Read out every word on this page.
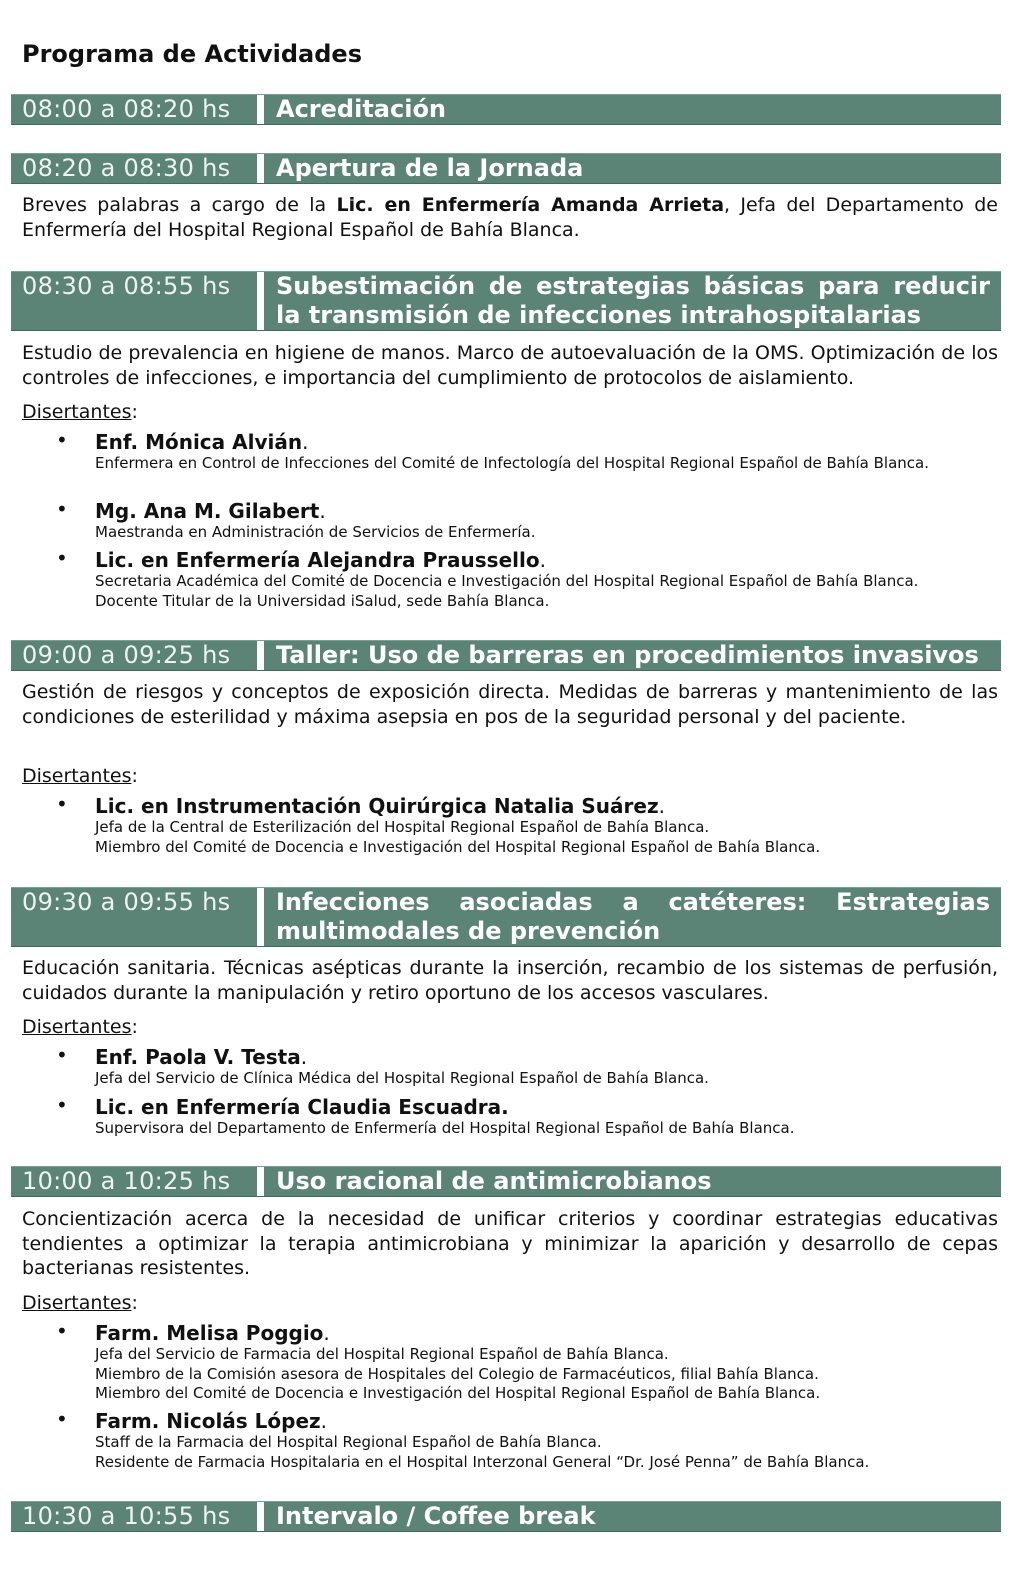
Programa de Actividades
08:00 a 08:20 hs	Acreditación
08:20 a 08:30 hs	Apertura de la Jornada

Breves palabras a cargo de la Lic. en Enfermería Amanda Arrieta, Jefa del Departamento de Enfermería del Hospital Regional Español de Bahía Blanca.

08:30 a 08:55 hs	Subestimación de estrategias básicas para reducir la transmisión de infecciones intrahospitalarias

Estudio de prevalencia en higiene de manos. Marco de autoevaluación de la OMS. Optimización de los controles de infecciones, e importancia del cumplimiento de protocolos de aislamiento.

Disertantes:
• Enf. Mónica Alvián.
Enfermera en Control de Infecciones del Comité de Infectología del Hospital Regional Español de Bahía Blanca.
• Mg. Ana M. Gilabert.
Maestranda en Administración de Servicios de Enfermería.
• Lic. en Enfermería Alejandra Praussello.
Secretaria Académica del Comité de Docencia e Investigación del Hospital Regional Español de Bahía Blanca.
Docente Titular de la Universidad iSalud, sede Bahía Blanca.
09:00 a 09:25 hs	Taller: Uso de barreras en procedimientos invasivos

Gestión de riesgos y conceptos de exposición directa. Medidas de barreras y mantenimiento de las condiciones de esterilidad y máxima asepsia en pos de la seguridad personal y del paciente.

Disertantes:
• Lic. en Instrumentación Quirúrgica Natalia Suárez.
Jefa de la Central de Esterilización del Hospital Regional Español de Bahía Blanca.
Miembro del Comité de Docencia e Investigación del Hospital Regional Español de Bahía Blanca.
09:30 a 09:55 hs	Infecciones asociadas a catéteres: Estrategias multimodales de prevención

Educación sanitaria. Técnicas asépticas durante la inserción, recambio de los sistemas de perfusión, cuidados durante la manipulación y retiro oportuno de los accesos vasculares.

Disertantes:
• Enf. Paola V. Testa.
Jefa del Servicio de Clínica Médica del Hospital Regional Español de Bahía Blanca.
• Lic. en Enfermería Claudia Escuadra.
Supervisora del Departamento de Enfermería del Hospital Regional Español de Bahía Blanca.
10:00 a 10:25 hs	Uso racional de antimicrobianos

Concientización acerca de la necesidad de unificar criterios y coordinar estrategias educativas tendientes a optimizar la terapia antimicrobiana y minimizar la aparición y desarrollo de cepas bacterianas resistentes.

Disertantes:
• Farm. Melisa Poggio.
Jefa del Servicio de Farmacia del Hospital Regional Español de Bahía Blanca.
Miembro de la Comisión asesora de Hospitales del Colegio de Farmacéuticos, filial Bahía Blanca.
Miembro del Comité de Docencia e Investigación del Hospital Regional Español de Bahía Blanca.
• Farm. Nicolás López.
Staff de la Farmacia del Hospital Regional Español de Bahía Blanca.
Residente de Farmacia Hospitalaria en el Hospital Interzonal General “Dr. José Penna” de Bahía Blanca.
10:30 a 10:55 hs	Intervalo / Coffee break
